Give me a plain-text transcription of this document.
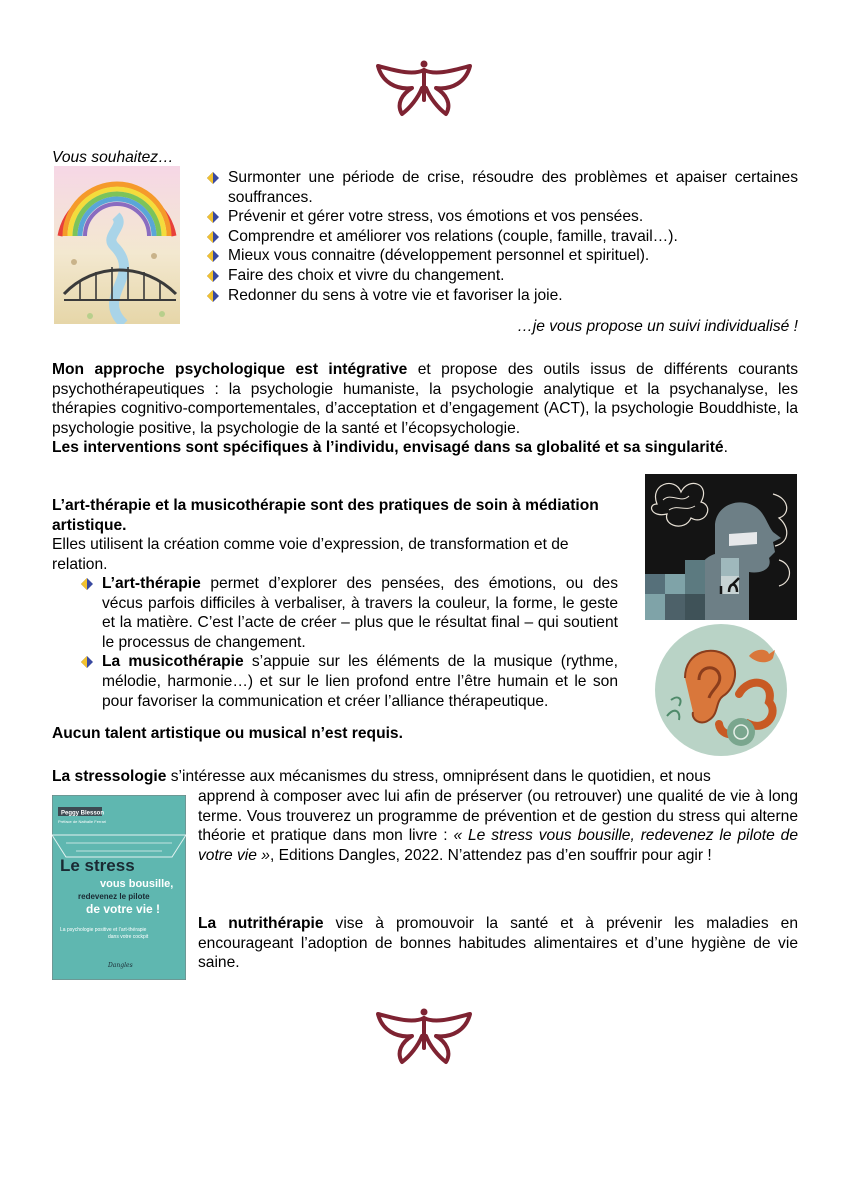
Vous souhaitez…
Surmonter une période de crise, résoudre des problèmes et apaiser certaines souffrances.
Prévenir et gérer votre stress, vos émotions et vos pensées.
Comprendre et améliorer vos relations (couple, famille, travail…).
Mieux vous connaitre (développement personnel et spirituel).
Faire des choix et vivre du changement.
Redonner du sens à votre vie et favoriser la joie.
…je vous propose un suivi individualisé !

Mon approche psychologique est intégrative et propose des outils issus de différents courants psychothérapeutiques : la psychologie humaniste, la psychologie analytique et la psychanalyse, les thérapies cognitivo-comportementales, d’acceptation et d’engagement (ACT), la psychologie Bouddhiste, la psychologie positive, la psychologie de la santé et l’écopsychologie.

Les interventions sont spécifiques à l’individu, envisagé dans sa globalité et sa singularité.

L’art-thérapie et la musicothérapie sont des pratiques de soin à médiation artistique.
Elles utilisent la création comme voie d’expression, de transformation et de relation.
L’art-thérapie permet d’explorer des pensées, des émotions, ou des vécus parfois difficiles à verbaliser, à travers la couleur, la forme, le geste et la matière. C’est l’acte de créer – plus que le résultat final – qui soutient le processus de changement.
La musicothérapie s’appuie sur les éléments de la musique (rythme, mélodie, harmonie…) et sur le lien profond entre l’être humain et le son pour favoriser la communication et créer l’alliance thérapeutique.
Aucun talent artistique ou musical n’est requis.
La stressologie s’intéresse aux mécanismes du stress, omniprésent dans le quotidien, et nous
apprend à composer avec lui afin de préserver (ou retrouver) une qualité de vie à long terme. Vous trouverez un programme de prévention et de gestion du stress qui alterne théorie et pratique dans mon livre : « Le stress vous bousille, redevenez le pilote de votre vie », Editions Dangles, 2022. N’attendez pas d’en souffrir pour agir !
Peggy Blesson
Préface de Nathalie Ferrari
Le stress
vous bousille,
redevenez le pilote
de votre vie !
La psychologie positive et l’art-thérapie
dans votre cockpit
Dangles
La nutrithérapie vise à promouvoir la santé et à prévenir les maladies en encourageant l’adoption de bonnes habitudes alimentaires et d’une hygiène de vie saine.
